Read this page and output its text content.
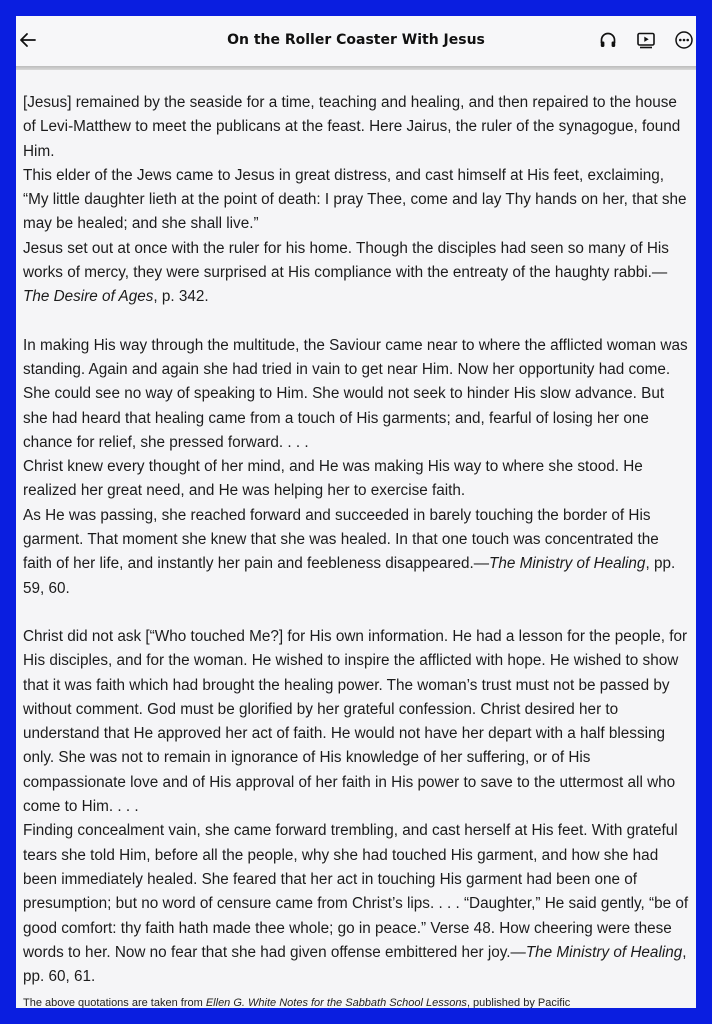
On the Roller Coaster With Jesus
[Jesus] remained by the seaside for a time, teaching and healing, and then repaired to the house of Levi-Matthew to meet the publicans at the feast. Here Jairus, the ruler of the synagogue, found Him.
This elder of the Jews came to Jesus in great distress, and cast himself at His feet, exclaiming, “My little daughter lieth at the point of death: I pray Thee, come and lay Thy hands on her, that she may be healed; and she shall live.”
Jesus set out at once with the ruler for his home. Though the disciples had seen so many of His works of mercy, they were surprised at His compliance with the entreaty of the haughty rabbi.—The Desire of Ages, p. 342.
In making His way through the multitude, the Saviour came near to where the afflicted woman was standing. Again and again she had tried in vain to get near Him. Now her opportunity had come. She could see no way of speaking to Him. She would not seek to hinder His slow advance. But she had heard that healing came from a touch of His garments; and, fearful of losing her one chance for relief, she pressed forward. . . .
Christ knew every thought of her mind, and He was making His way to where she stood. He realized her great need, and He was helping her to exercise faith.
As He was passing, she reached forward and succeeded in barely touching the border of His garment. That moment she knew that she was healed. In that one touch was concentrated the faith of her life, and instantly her pain and feebleness disappeared.—The Ministry of Healing, pp. 59, 60.
Christ did not ask [“Who touched Me?] for His own information. He had a lesson for the people, for His disciples, and for the woman. He wished to inspire the afflicted with hope. He wished to show that it was faith which had brought the healing power. The woman’s trust must not be passed by without comment. God must be glorified by her grateful confession. Christ desired her to understand that He approved her act of faith. He would not have her depart with a half blessing only. She was not to remain in ignorance of His knowledge of her suffering, or of His compassionate love and of His approval of her faith in His power to save to the uttermost all who come to Him. . . .
Finding concealment vain, she came forward trembling, and cast herself at His feet. With grateful tears she told Him, before all the people, why she had touched His garment, and how she had been immediately healed. She feared that her act in touching His garment had been one of presumption; but no word of censure came from Christ’s lips. . . . “Daughter,” He said gently, “be of good comfort: thy faith hath made thee whole; go in peace.” Verse 48. How cheering were these words to her. Now no fear that she had given offense embittered her joy.—The Ministry of Healing, pp. 60, 61.
The above quotations are taken from Ellen G. White Notes for the Sabbath School Lessons, published by Pacific
